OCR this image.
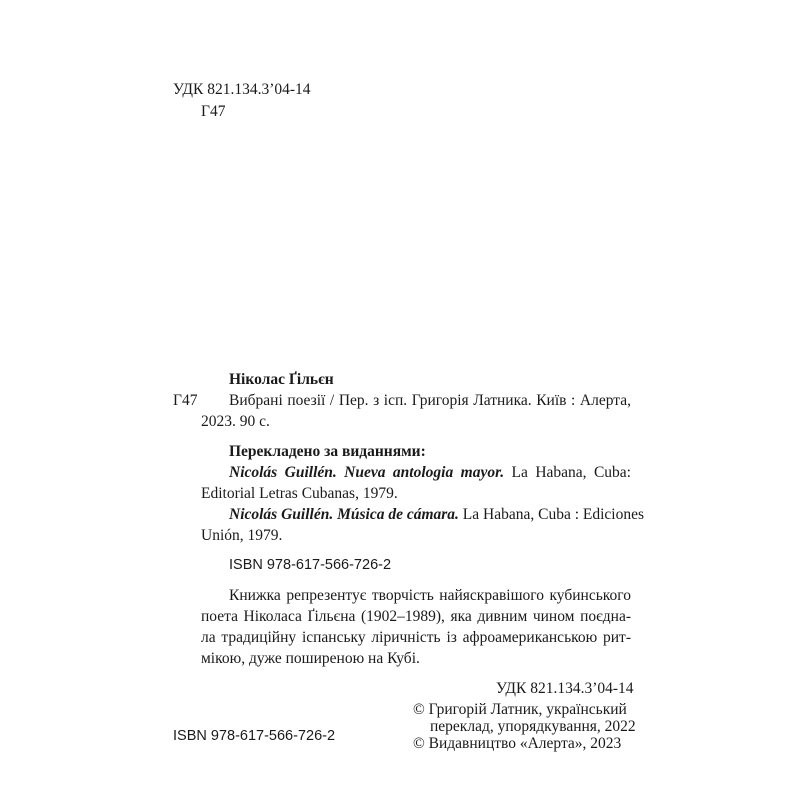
УДК 821.134.3’04-14
Г47
Ніколас Ґільєн
Г47 Вибрані поезії / Пер. з ісп. Григорія Латника. Київ : Алерта,
2023. 90 с.
Перекладено за виданнями:
Nicolás Guillén. Nueva antologia mayor. La Habana, Cuba:
Editorial Letras Cubanas, 1979.
Nicolás Guillén. Música de cámara. La Habana, Cuba : Ediciones
Unión, 1979.
ISBN 978-617-566-726-2
Книжка репрезентує творчість найяскравішого кубинського
поета Ніколаса Ґільєна (1902–1989), яка дивним чином поєдна-
ла традиційну іспанську ліричність із афроамериканською рит-
мікою, дуже поширеною на Кубі.
УДК 821.134.3’04-14
© Григорій Латник, український
переклад, упорядкування, 2022
ISBN 978-617-566-726-2	© Видавництво «Алерта», 2023
